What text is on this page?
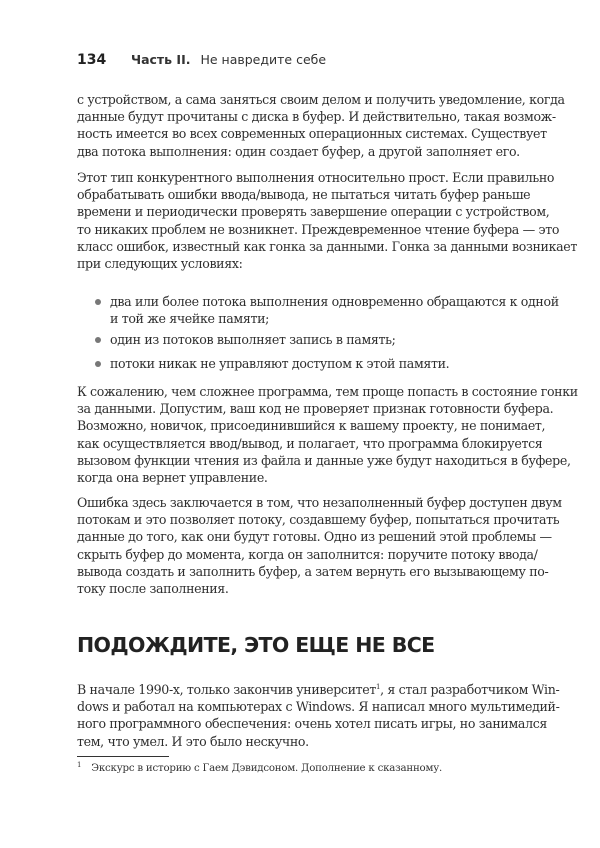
134 Часть II. Не навредите себе
с устройством, а сама заняться своим делом и получить уведомление, когда
данные будут прочитаны с диска в буфер. И действительно, такая возмож-
ность имеется во всех современных операционных системах. Существует
два потока выполнения: один создает буфер, а другой заполняет его.
Этот тип конкурентного выполнения относительно прост. Если правильно
обрабатывать ошибки ввода/вывода, не пытаться читать буфер раньше
времени и периодически проверять завершение операции с устройством,
то никаких проблем не возникнет. Преждевременное чтение буфера — это
класс ошибок, известный как гонка за данными. Гонка за данными возникает
при следующих условиях:
два или более потока выполнения одновременно обращаются к одной
и той же ячейке памяти;
один из потоков выполняет запись в память;
потоки никак не управляют доступом к этой памяти.
К сожалению, чем сложнее программа, тем проще попасть в состояние гонки
за данными. Допустим, ваш код не проверяет признак готовности буфера.
Возможно, новичок, присоединившийся к вашему проекту, не понимает,
как осуществляется ввод/вывод, и полагает, что программа блокируется
вызовом функции чтения из файла и данные уже будут находиться в буфере,
когда она вернет управление.
Ошибка здесь заключается в том, что незаполненный буфер доступен двум
потокам и это позволяет потоку, создавшему буфер, попытаться прочитать
данные до того, как они будут готовы. Одно из решений этой проблемы —
скрыть буфер до момента, когда он заполнится: поручите потоку ввода/
вывода создать и заполнить буфер, а затем вернуть его вызывающему по-
току после заполнения.
ПОДОЖДИТЕ, ЭТО ЕЩЕ НЕ ВСЕ
В начале 1990-х, только закончив университет$^1$, я стал разработчиком Win-
dows и работал на компьютерах с Windows. Я написал много мультимедий-
ного программного обеспечения: очень хотел писать игры, но занимался
тем, что умел. И это было нескучно.
$^1$ Экскурс в историю с Гаем Дэвидсоном. Дополнение к сказанному.
